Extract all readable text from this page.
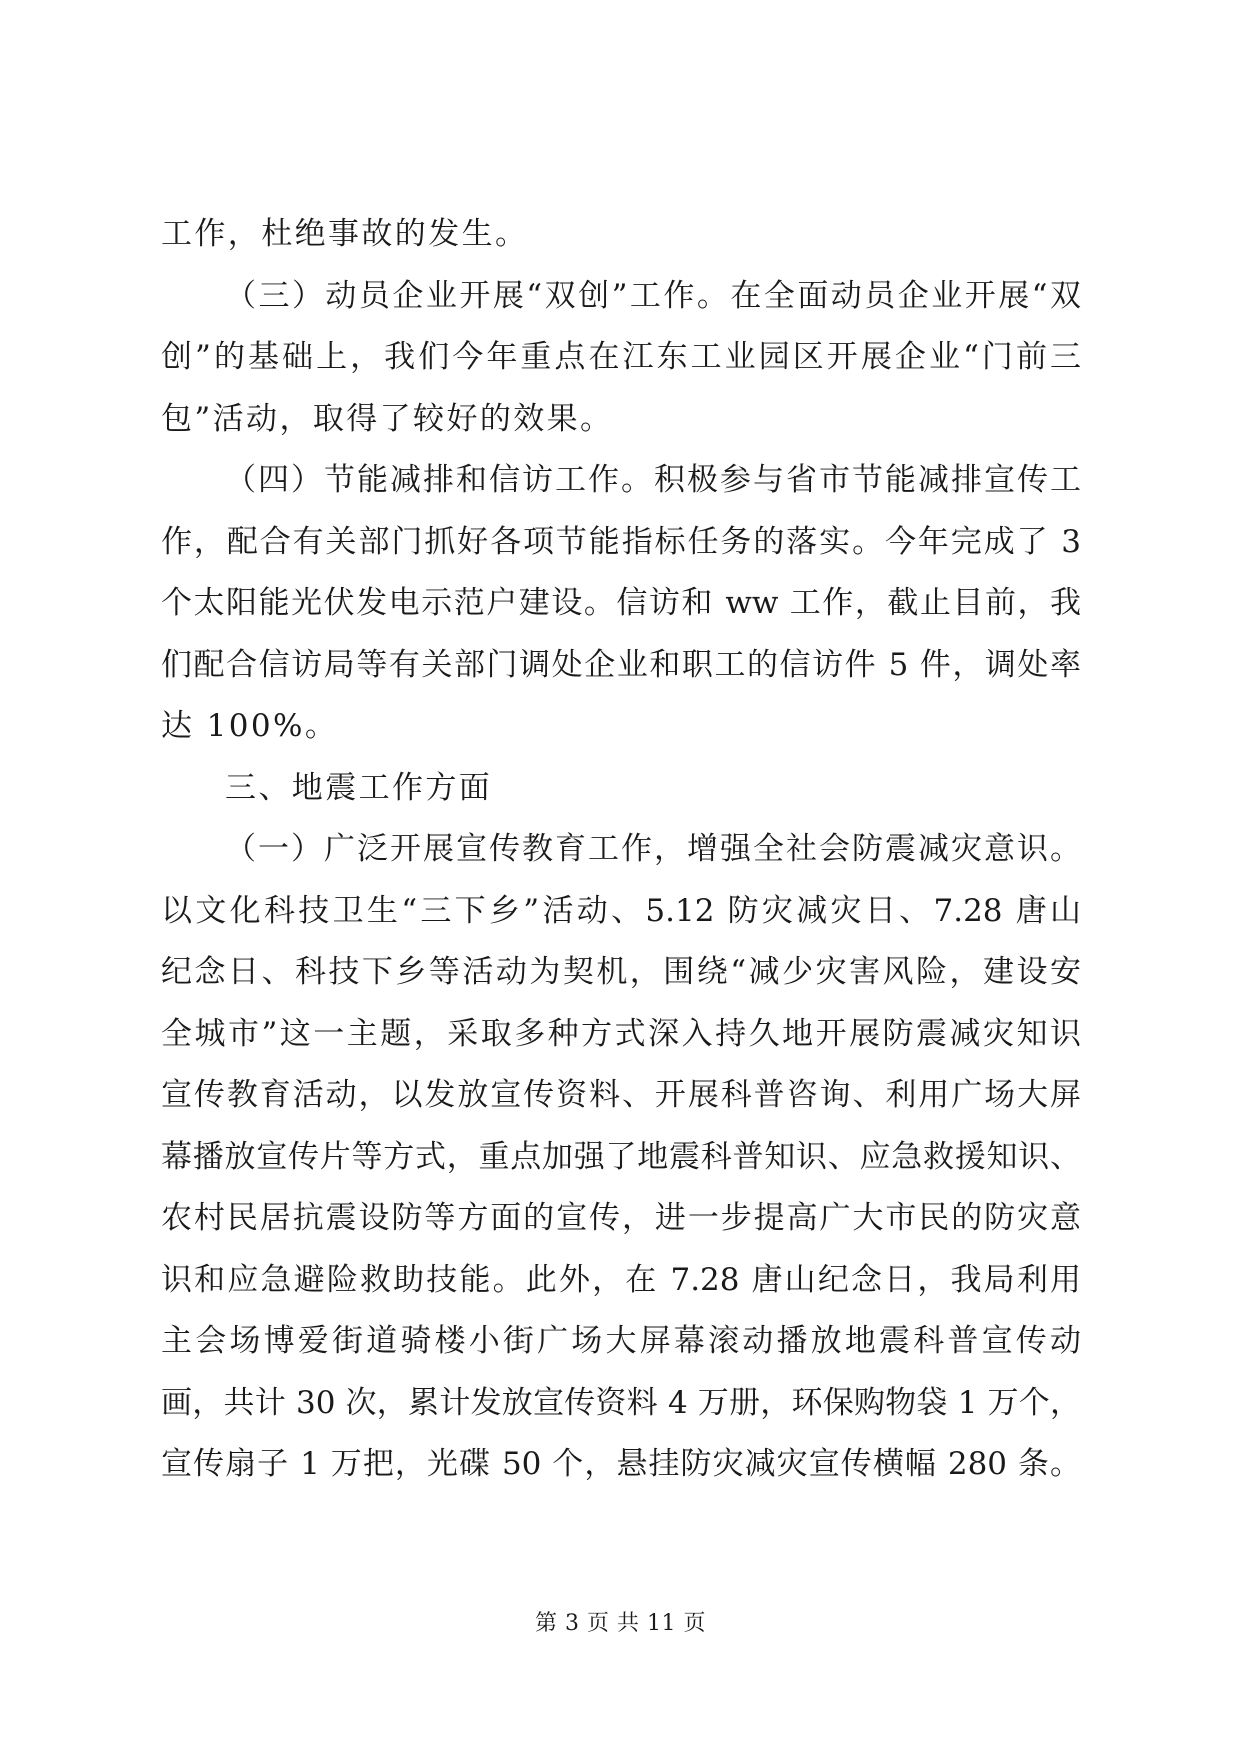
工作，杜绝事故的发生。
（三）动员企业开展“双创”工作。在全面动员企业开展“双
创”的基础上，我们今年重点在江东工业园区开展企业“门前三
包”活动，取得了较好的效果。
（四）节能减排和信访工作。积极参与省市节能减排宣传工
作，配合有关部门抓好各项节能指标任务的落实。今年完成了 3
个太阳能光伏发电示范户建设。信访和 ww 工作，截止目前，我
们配合信访局等有关部门调处企业和职工的信访件 5 件，调处率
达 100%。
三、地震工作方面
（一）广泛开展宣传教育工作，增强全社会防震减灾意识。
以文化科技卫生“三下乡”活动、5.12 防灾减灾日、7.28 唐山
纪念日、科技下乡等活动为契机，围绕“减少灾害风险，建设安
全城市”这一主题，采取多种方式深入持久地开展防震减灾知识
宣传教育活动，以发放宣传资料、开展科普咨询、利用广场大屏
幕播放宣传片等方式，重点加强了地震科普知识、应急救援知识、
农村民居抗震设防等方面的宣传，进一步提高广大市民的防灾意
识和应急避险救助技能。此外，在 7.28 唐山纪念日，我局利用
主会场博爱街道骑楼小街广场大屏幕滚动播放地震科普宣传动
画，共计 30 次，累计发放宣传资料 4 万册，环保购物袋 1 万个，
宣传扇子 1 万把，光碟 50 个，悬挂防灾减灾宣传横幅 280 条。
第 3 页 共 11 页
